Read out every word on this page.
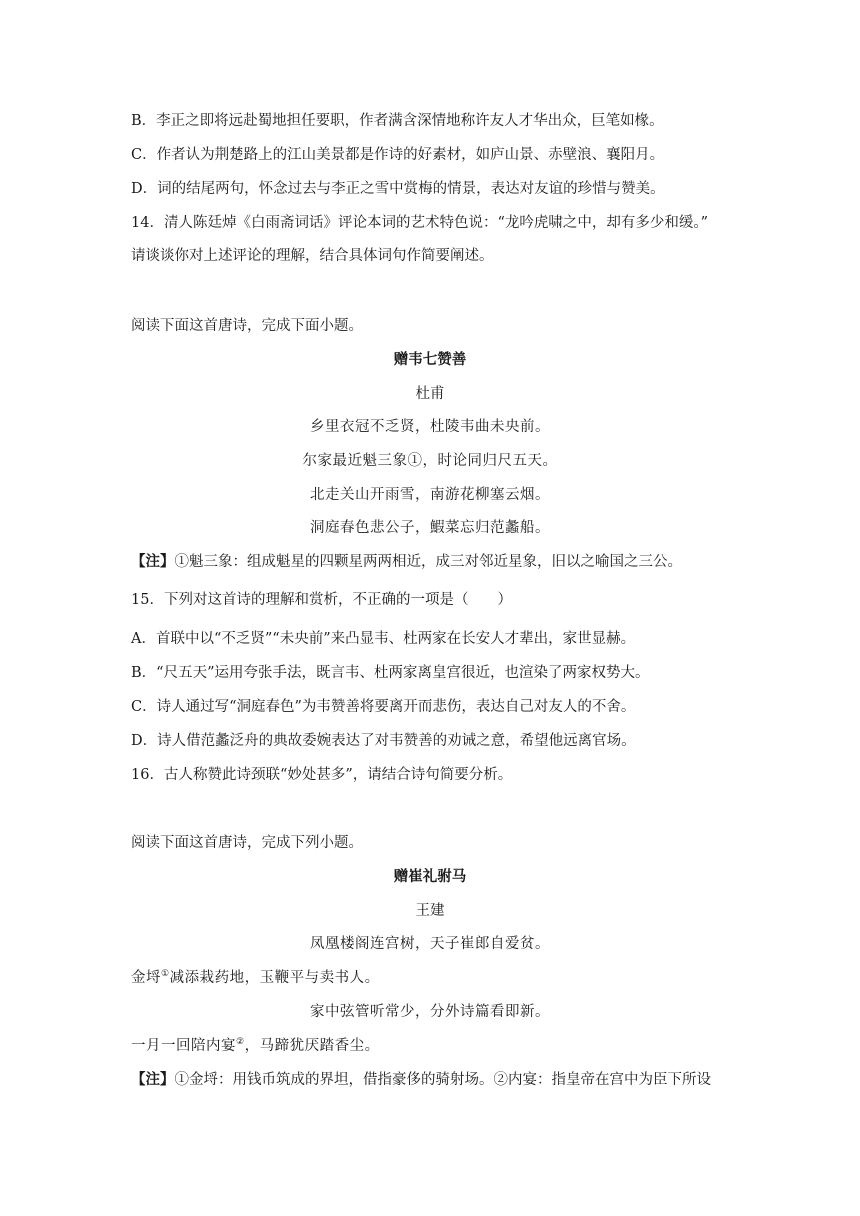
B．李正之即将远赴蜀地担任要职，作者满含深情地称许友人才华出众，巨笔如椽。
C．作者认为荆楚路上的江山美景都是作诗的好素材，如庐山景、赤壁浪、襄阳月。
D．词的结尾两句，怀念过去与李正之雪中赏梅的情景，表达对友谊的珍惜与赞美。
14．清人陈廷焯《白雨斋词话》评论本词的艺术特色说：“龙吟虎啸之中，却有多少和缓。”
请谈谈你对上述评论的理解，结合具体词句作简要阐述。
阅读下面这首唐诗，完成下面小题。
赠韦七赞善
杜甫
乡里衣冠不乏贤，杜陵韦曲未央前。
尔家最近魁三象①，时论同归尺五天。
北走关山开雨雪，南游花柳塞云烟。
洞庭春色悲公子，鰕菜忘归范蠡船。
【注】①魁三象：组成魁星的四颗星两两相近，成三对邻近星象，旧以之喻国之三公。
15．下列对这首诗的理解和赏析，不正确的一项是（　　）
A．首联中以“不乏贤”“未央前”来凸显韦、杜两家在长安人才辈出，家世显赫。
B．“尺五天”运用夸张手法，既言韦、杜两家离皇宫很近，也渲染了两家权势大。
C．诗人通过写“洞庭春色”为韦赞善将要离开而悲伤，表达自己对友人的不舍。
D．诗人借范蠡泛舟的典故委婉表达了对韦赞善的劝诫之意，希望他远离官场。
16．古人称赞此诗颈联“妙处甚多”，请结合诗句简要分析。
阅读下面这首唐诗，完成下列小题。
赠崔礼驸马
王建
凤凰楼阁连宫树，天子崔郎自爱贫。
金埒①减添栽药地，玉鞭平与卖书人。
家中弦管听常少，分外诗篇看即新。
一月一回陪内宴②，马蹄犹厌踏香尘。
【注】①金埒：用钱币筑成的界坦，借指豪侈的骑射场。②内宴：指皇帝在宫中为臣下所设
